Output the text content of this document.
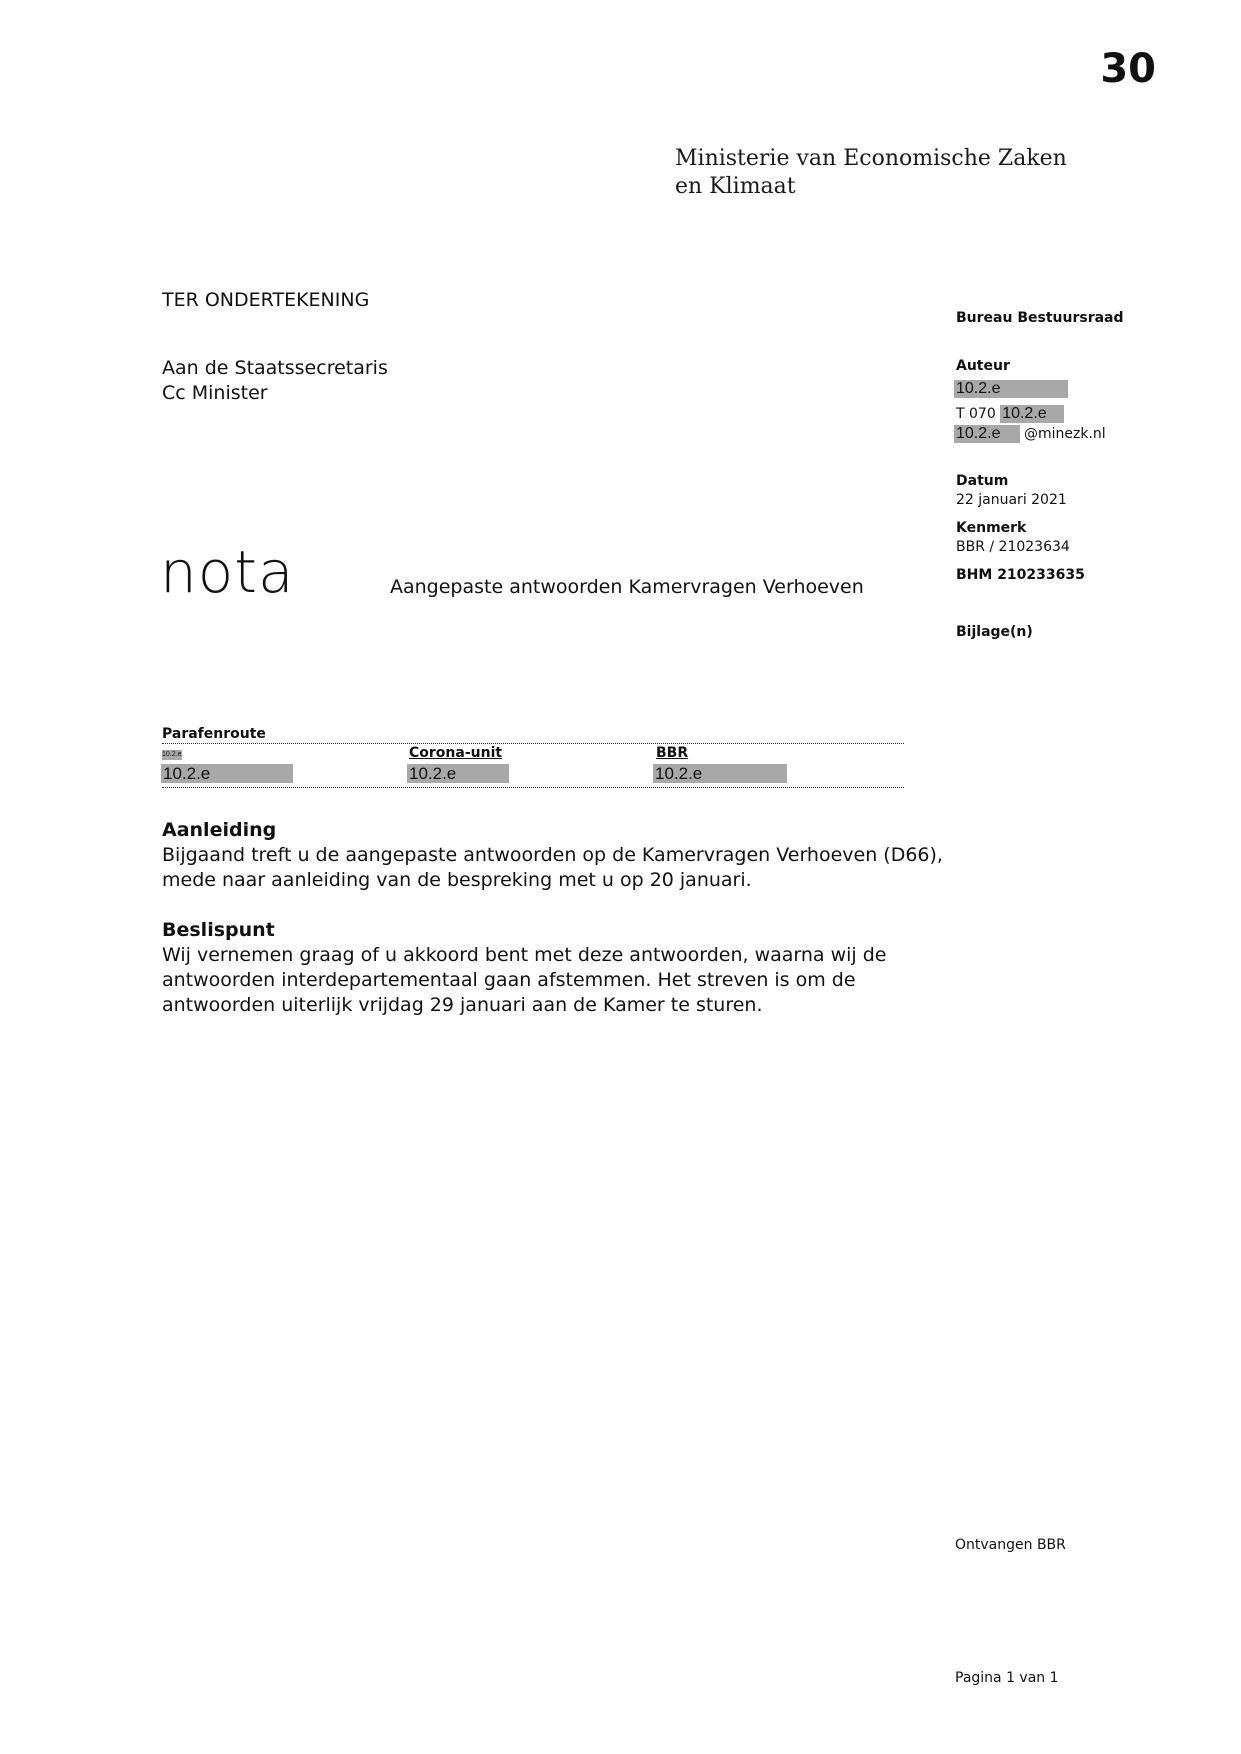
30
Ministerie van Economische Zaken
en Klimaat
TER ONDERTEKENING
Aan de Staatssecretaris
Cc Minister
nota	Aangepaste antwoorden Kamervragen Verhoeven
Bureau Bestuursraad
Auteur
10.2.e
T 070 10.2.e
10.2.e @minezk.nl
Datum
22 januari 2021
Kenmerk
BBR / 21023634
BHM 210233635
Bijlage(n)
Parafenroute
10.2.e	Corona-unit	BBR
10.2.e	10.2.e	10.2.e
Aanleiding

Bijgaand treft u de aangepaste antwoorden op de Kamervragen Verhoeven (D66),

mede naar aanleiding van de bespreking met u op 20 januari.

Beslispunt

Wij vernemen graag of u akkoord bent met deze antwoorden, waarna wij de

antwoorden interdepartementaal gaan afstemmen. Het streven is om de

antwoorden uiterlijk vrijdag 29 januari aan de Kamer te sturen.

Ontvangen BBR
Pagina 1 van 1
